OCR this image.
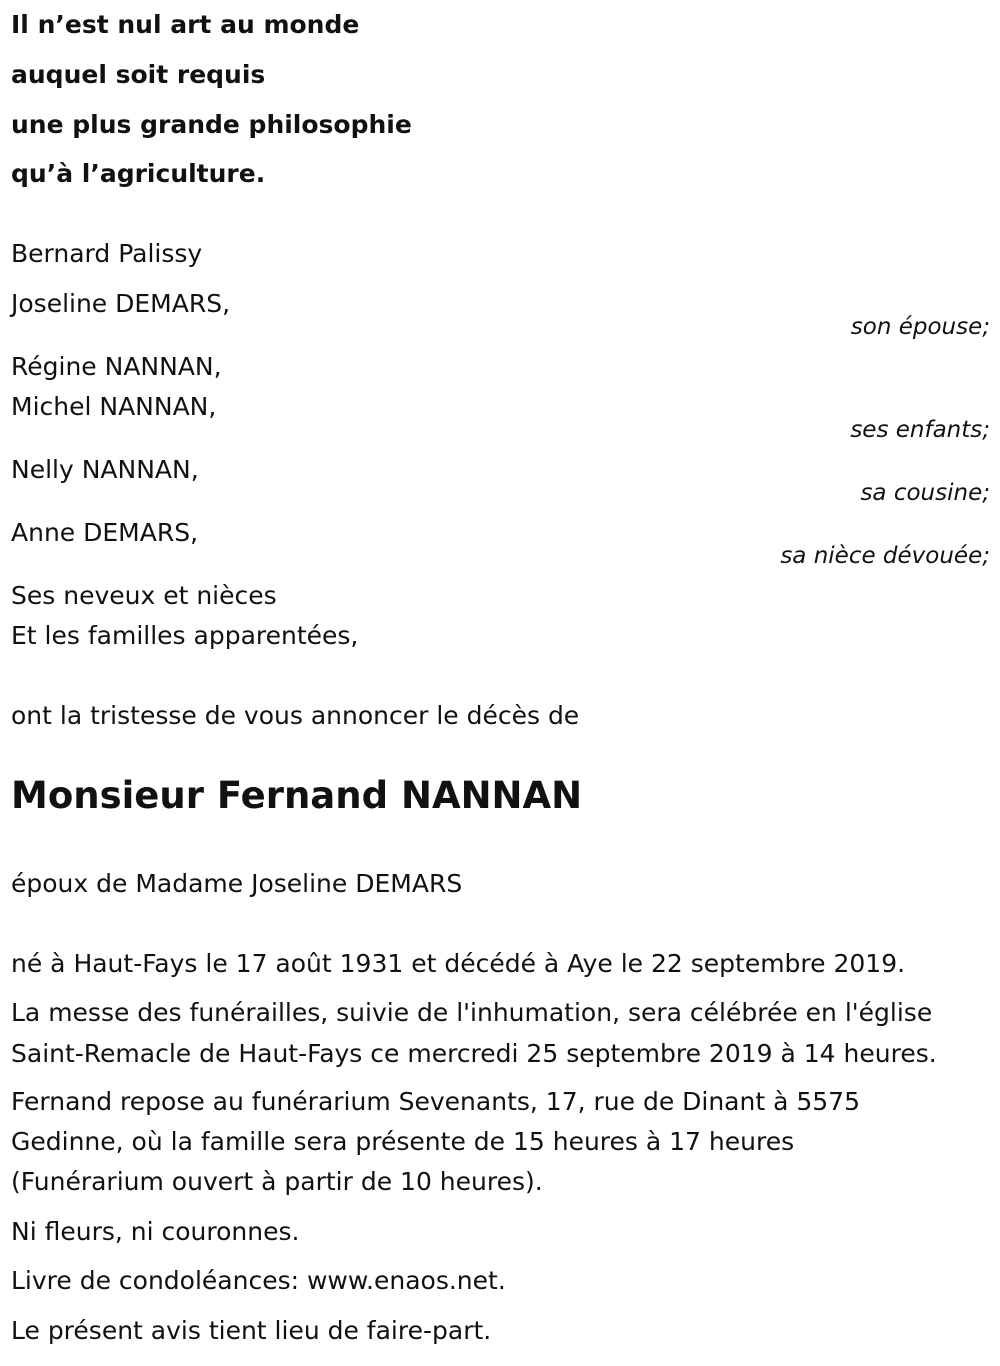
Il n’est nul art au monde
auquel soit requis
une plus grande philosophie
qu’à l’agriculture.
Bernard Palissy
Joseline DEMARS,
son épouse;
Régine NANNAN,
Michel NANNAN,
ses enfants;
Nelly NANNAN,
sa cousine;
Anne DEMARS,
sa nièce dévouée;
Ses neveux et nièces
Et les familles apparentées,
ont la tristesse de vous annoncer le décès de
Monsieur Fernand NANNAN
époux de Madame Joseline DEMARS
né à Haut-Fays le 17 août 1931 et décédé à Aye le 22 septembre 2019.
La messe des funérailles, suivie de l'inhumation, sera célébrée en l'église
Saint-Remacle de Haut-Fays ce mercredi 25 septembre 2019 à 14 heures.
Fernand repose au funérarium Sevenants, 17, rue de Dinant à 5575
Gedinne, où la famille sera présente de 15 heures à 17 heures
(Funérarium ouvert à partir de 10 heures).
Ni fleurs, ni couronnes.
Livre de condoléances: www.enaos.net.
Le présent avis tient lieu de faire-part.
